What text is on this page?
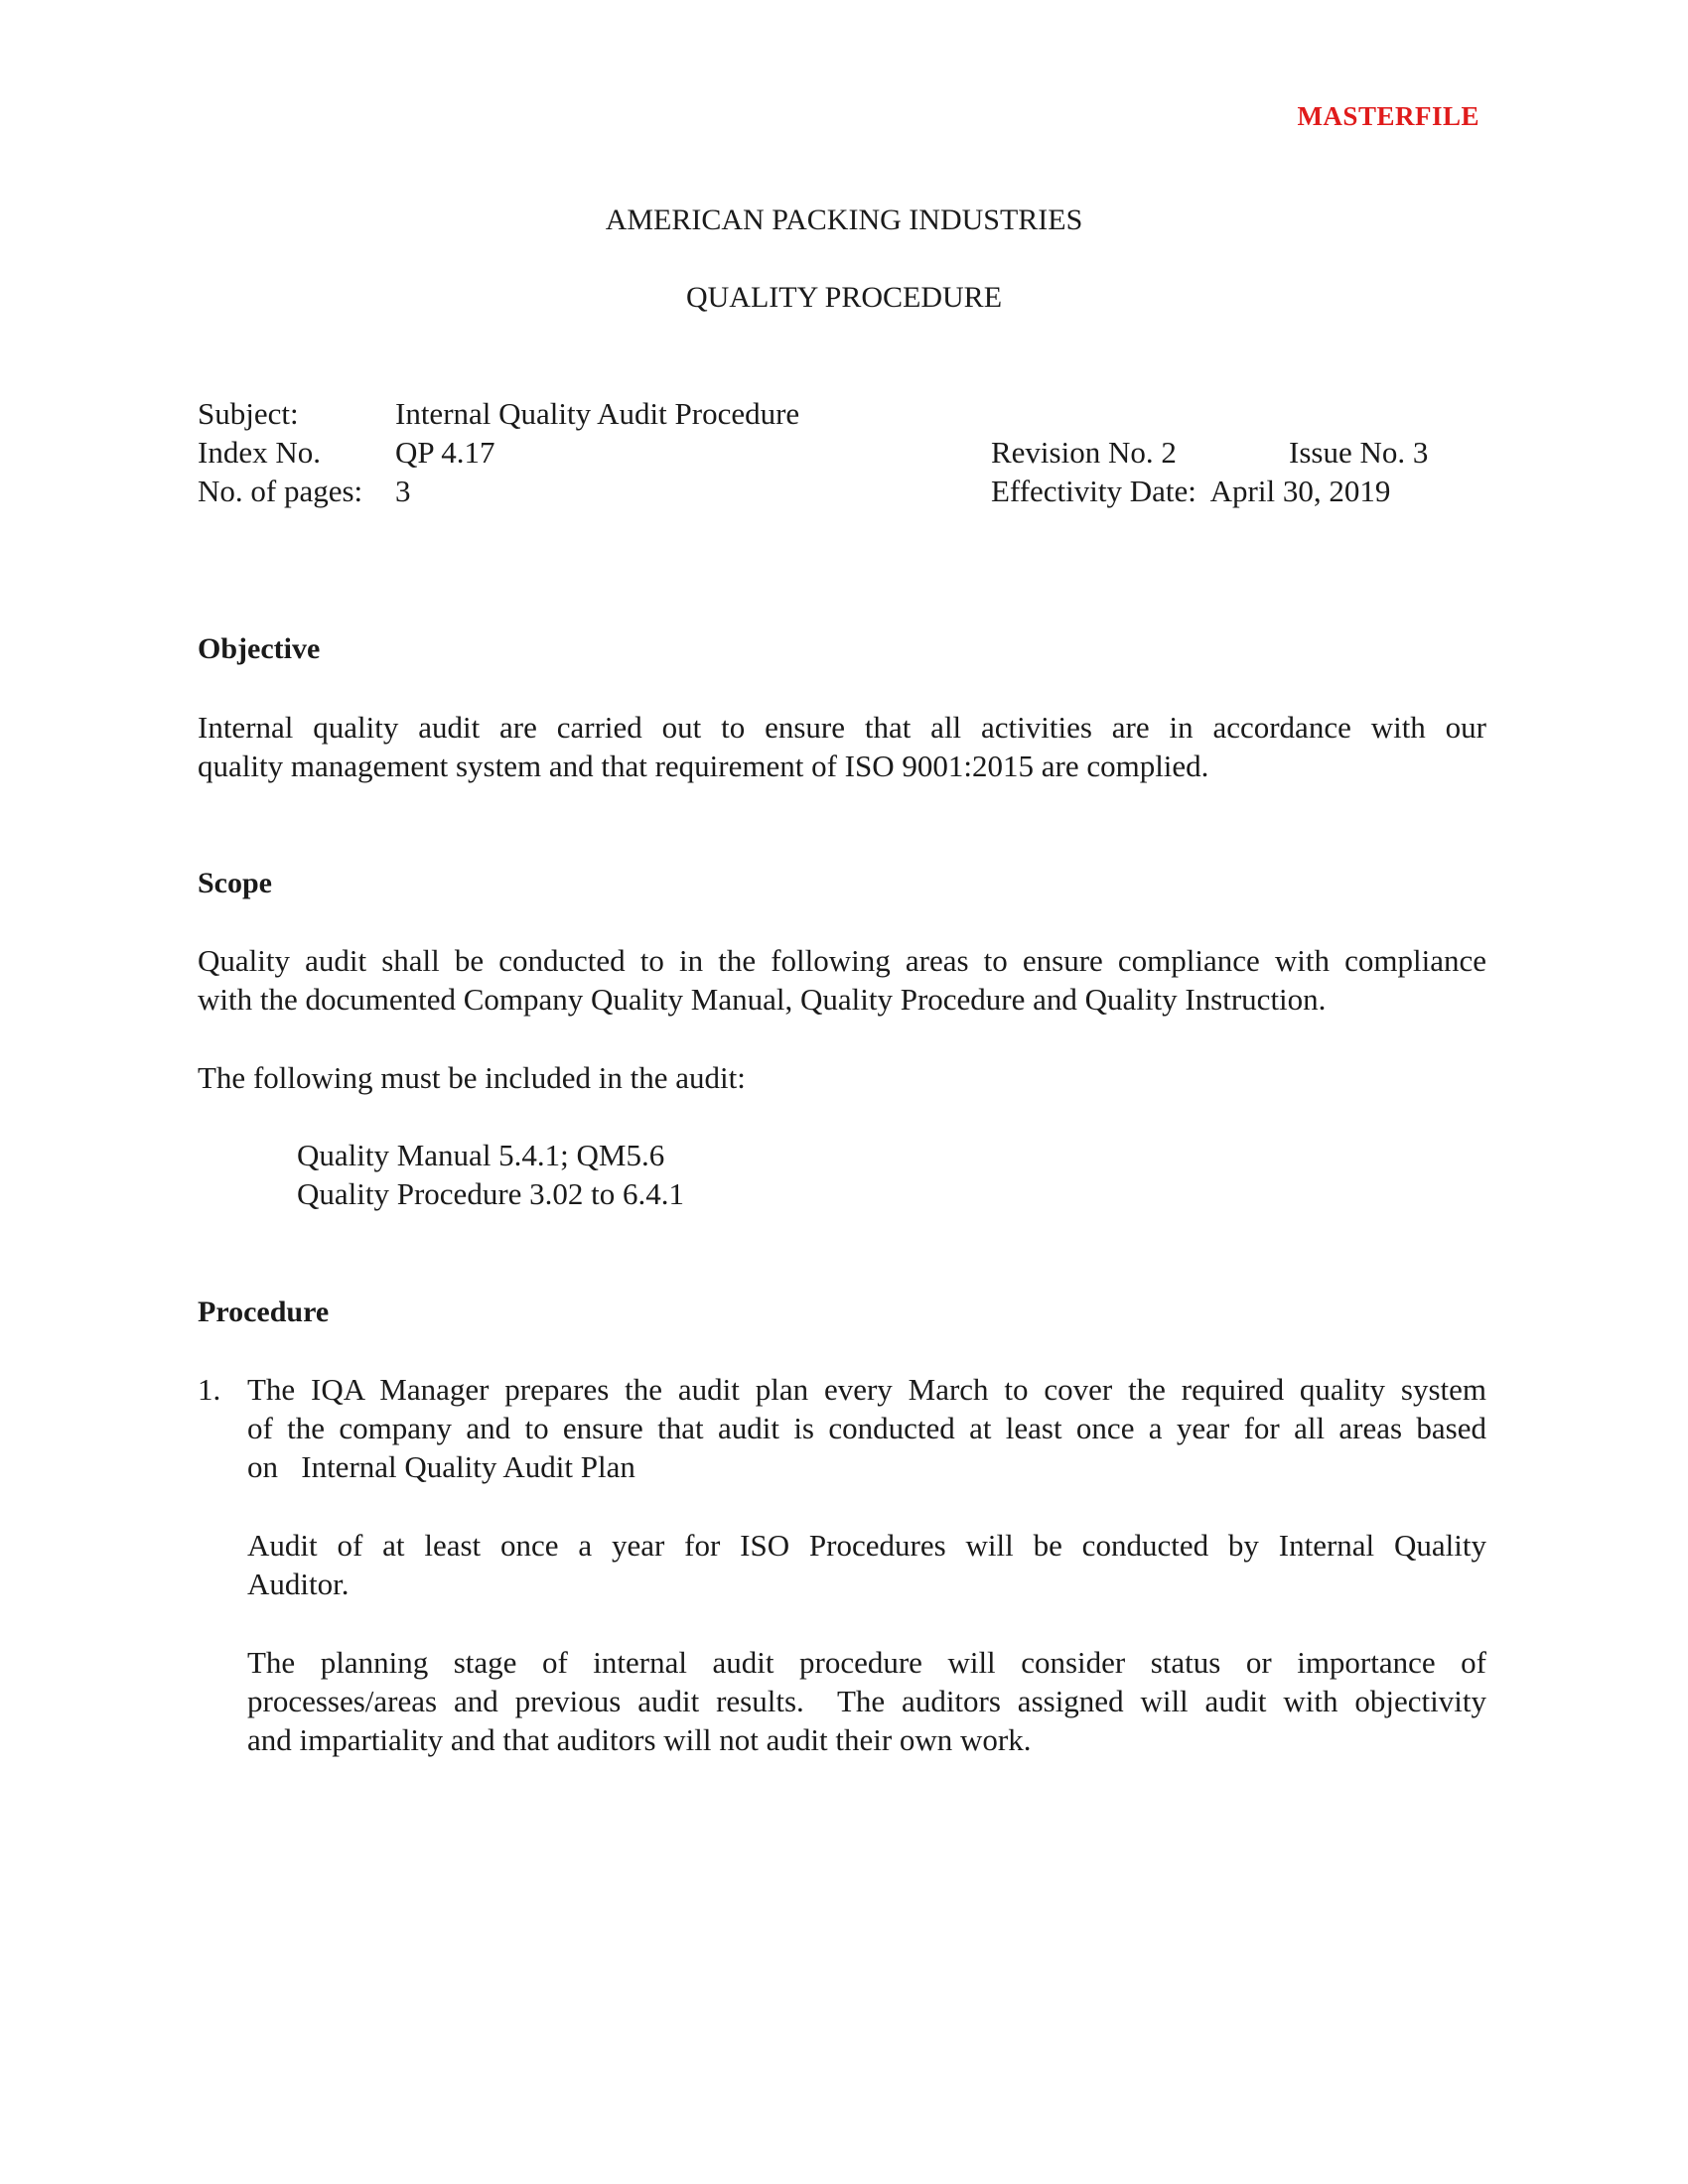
MASTERFILE
AMERICAN PACKING INDUSTRIES
QUALITY PROCEDURE
Subject:	Internal Quality Audit Procedure
Index No. QP 4.17	Revision No. 2	Issue No. 3
No. of pages: 3	Effectivity Date: April 30, 2019
Objective
Internal quality audit are carried out to ensure that all activities are in accordance with our
quality management system and that requirement of ISO 9001:2015 are complied.
Scope
Quality audit shall be conducted to in the following areas to ensure compliance with compliance
with the documented Company Quality Manual, Quality Procedure and Quality Instruction.
The following must be included in the audit:
Quality Manual 5.4.1; QM5.6
Quality Procedure 3.02 to 6.4.1
Procedure
1. The IQA Manager prepares the audit plan every March to cover the required quality system
of the company and to ensure that audit is conducted at least once a year for all areas based
on   Internal Quality Audit Plan
Audit of at least once a year for ISO Procedures will be conducted by Internal Quality
Auditor.
The planning stage of internal audit procedure will consider status or importance of
processes/areas and previous audit results.  The auditors assigned will audit with objectivity
and impartiality and that auditors will not audit their own work.
